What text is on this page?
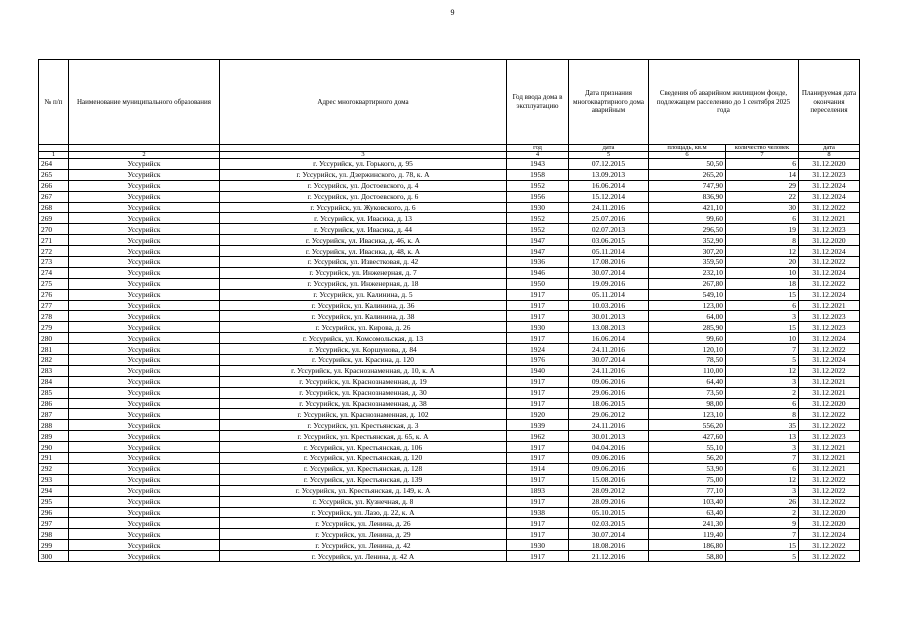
9
№ п/п	Наименование муниципального образования	Адрес многоквартирного дома	Год ввода дома в эксплуатацию	Дата признания многоквартирного дома аварийным	Сведения об аварийном жилищном фонде, подлежащем расселению до 1 сентября 2025 года		Планируемая дата окончания переселения
			год	дата	площадь, кв.м	количество человек	дата
1	2	3	4	5	6	7	8
264	Уссурийск	г. Уссурийск, ул. Горького, д. 95	1943	07.12.2015	50,50	6	31.12.2020
265	Уссурийск	г. Уссурийск, ул. Дзержинского, д. 78, к. А	1958	13.09.2013	265,20	14	31.12.2023
266	Уссурийск	г. Уссурийск, ул. Достоевского, д. 4	1952	16.06.2014	747,90	29	31.12.2024
267	Уссурийск	г. Уссурийск, ул. Достоевского, д. 6	1956	15.12.2014	836,90	22	31.12.2024
268	Уссурийск	г. Уссурийск, ул. Жуковского, д. 6	1930	24.11.2016	421,10	30	31.12.2022
269	Уссурийск	г. Уссурийск, ул. Ивасика, д. 13	1952	25.07.2016	99,60	6	31.12.2021
270	Уссурийск	г. Уссурийск, ул. Ивасика, д. 44	1952	02.07.2013	296,50	19	31.12.2023
271	Уссурийск	г. Уссурийск, ул. Ивасика, д. 46, к. А	1947	03.06.2015	352,90	8	31.12.2020
272	Уссурийск	г. Уссурийск, ул. Ивасика, д. 48, к. А	1947	05.11.2014	307,20	12	31.12.2024
273	Уссурийск	г. Уссурийск, ул. Известковая, д. 42	1936	17.08.2016	359,50	20	31.12.2022
274	Уссурийск	г. Уссурийск, ул. Инженерная, д. 7	1946	30.07.2014	232,10	10	31.12.2024
275	Уссурийск	г. Уссурийск, ул. Инженерная, д. 18	1950	19.09.2016	267,80	18	31.12.2022
276	Уссурийск	г. Уссурийск, ул. Калинина, д. 5	1917	05.11.2014	549,10	15	31.12.2024
277	Уссурийск	г. Уссурийск, ул. Калинина, д. 36	1917	10.03.2016	123,00	6	31.12.2021
278	Уссурийск	г. Уссурийск, ул. Калинина, д. 38	1917	30.01.2013	64,00	3	31.12.2023
279	Уссурийск	г. Уссурийск, ул. Кирова, д. 26	1930	13.08.2013	285,90	15	31.12.2023
280	Уссурийск	г. Уссурийск, ул. Комсомольская, д. 13	1917	16.06.2014	99,60	10	31.12.2024
281	Уссурийск	г. Уссурийск, ул. Коршунова, д. 84	1924	24.11.2016	120,10	7	31.12.2022
282	Уссурийск	г. Уссурийск, ул. Красина, д. 120	1976	30.07.2014	78,50	5	31.12.2024
283	Уссурийск	г. Уссурийск, ул. Краснознаменная, д. 10, к. А	1940	24.11.2016	110,00	12	31.12.2022
284	Уссурийск	г. Уссурийск, ул. Краснознаменная, д. 19	1917	09.06.2016	64,40	3	31.12.2021
285	Уссурийск	г. Уссурийск, ул. Краснознаменная, д. 30	1917	29.06.2016	73,50	2	31.12.2021
286	Уссурийск	г. Уссурийск, ул. Краснознаменная, д. 38	1917	18.06.2015	98,00	6	31.12.2020
287	Уссурийск	г. Уссурийск, ул. Краснознаменная, д. 102	1920	29.06.2012	123,10	8	31.12.2022
288	Уссурийск	г. Уссурийск, ул. Крестьянская, д. 3	1939	24.11.2016	556,20	35	31.12.2022
289	Уссурийск	г. Уссурийск, ул. Крестьянская, д. 65, к. А	1962	30.01.2013	427,60	13	31.12.2023
290	Уссурийск	г. Уссурийск, ул. Крестьянская, д. 106	1917	04.04.2016	55,10	3	31.12.2021
291	Уссурийск	г. Уссурийск, ул. Крестьянская, д. 120	1917	09.06.2016	56,20	7	31.12.2021
292	Уссурийск	г. Уссурийск, ул. Крестьянская, д. 128	1914	09.06.2016	53,90	6	31.12.2021
293	Уссурийск	г. Уссурийск, ул. Крестьянская, д. 139	1917	15.08.2016	75,00	12	31.12.2022
294	Уссурийск	г. Уссурийск, ул. Крестьянская, д. 149, к. А	1893	28.09.2012	77,10	3	31.12.2022
295	Уссурийск	г. Уссурийск, ул. Кузнечная, д. 8	1917	28.09.2016	103,40	26	31.12.2022
296	Уссурийск	г. Уссурийск, ул. Лазо, д. 22, к. А	1938	05.10.2015	63,40	2	31.12.2020
297	Уссурийск	г. Уссурийск, ул. Ленина, д. 26	1917	02.03.2015	241,30	9	31.12.2020
298	Уссурийск	г. Уссурийск, ул. Ленина, д. 29	1917	30.07.2014	119,40	7	31.12.2024
299	Уссурийск	г. Уссурийск, ул. Ленина, д. 42	1930	18.08.2016	186,80	15	31.12.2022
300	Уссурийск	г. Уссурийск, ул. Ленина, д. 42 А	1917	21.12.2016	58,80	5	31.12.2022
